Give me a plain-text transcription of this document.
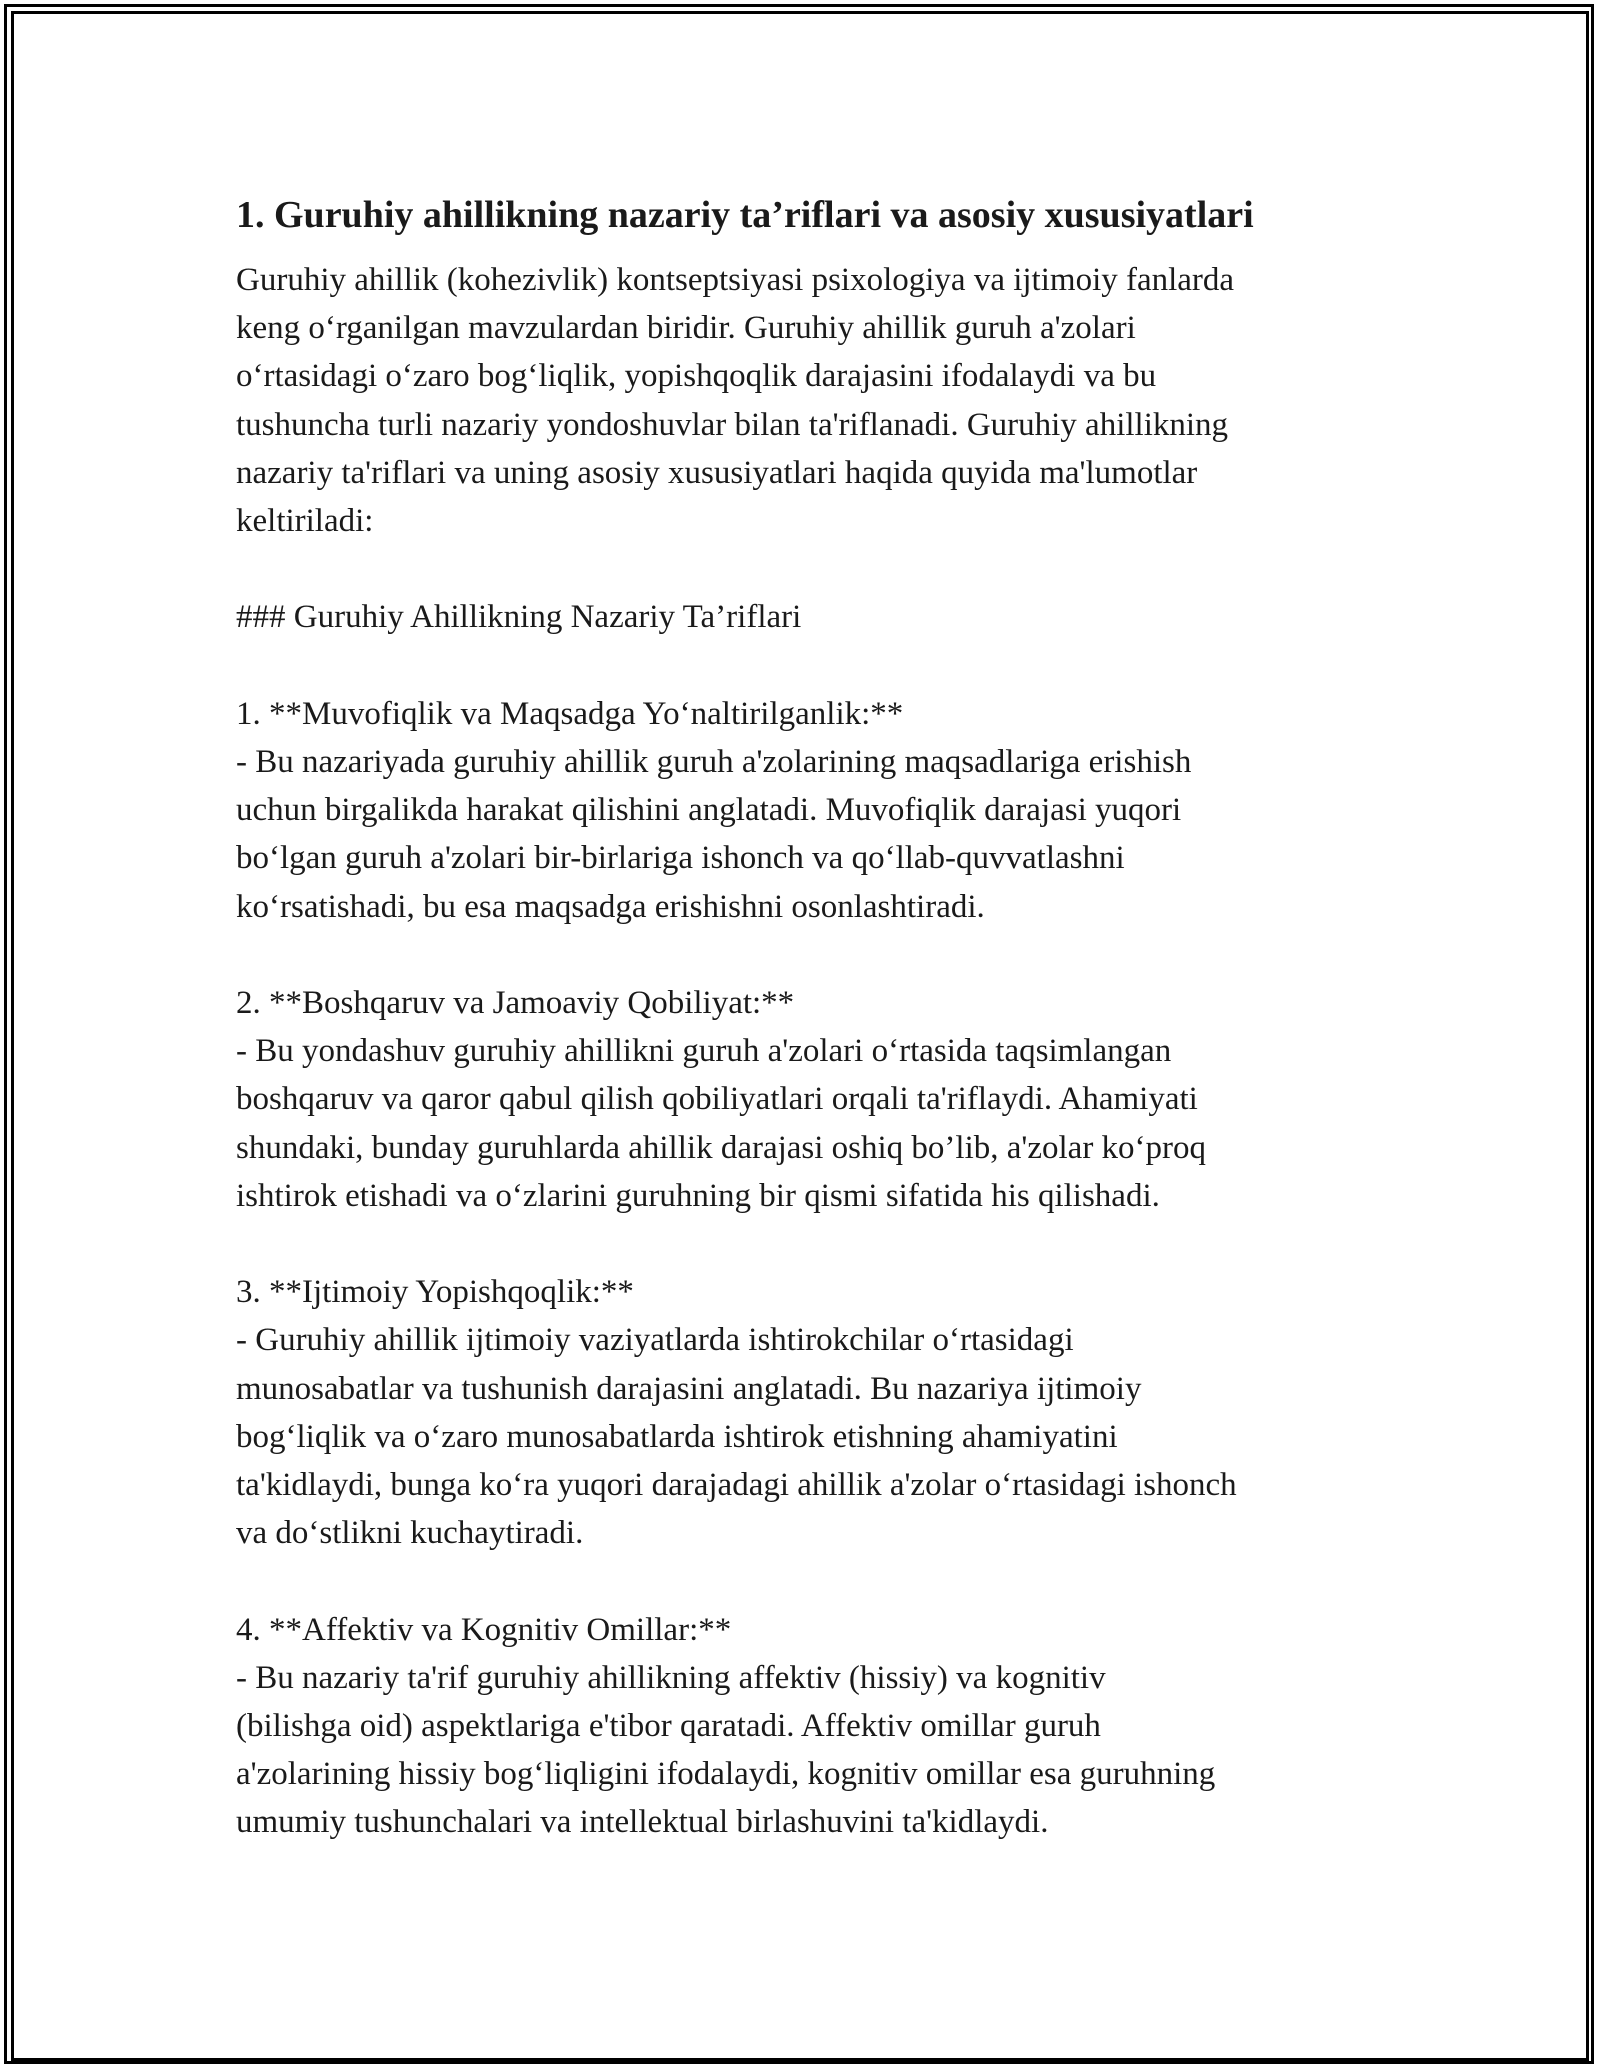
1. Guruhiy ahillikning nazariy ta’riflari va asosiy xususiyatlari

Guruhiy ahillik (kohezivlik) kontseptsiyasi psixologiya va ijtimoiy fanlarda
keng o‘rganilgan mavzulardan biridir. Guruhiy ahillik guruh a'zolari
o‘rtasidagi o‘zaro bog‘liqlik, yopishqoqlik darajasini ifodalaydi va bu
tushuncha turli nazariy yondoshuvlar bilan ta'riflanadi. Guruhiy ahillikning
nazariy ta'riflari va uning asosiy xususiyatlari haqida quyida ma'lumotlar
keltiriladi:

### Guruhiy Ahillikning Nazariy Ta’riflari

1. **Muvofiqlik va Maqsadga Yo‘naltirilganlik:**

- Bu nazariyada guruhiy ahillik guruh a'zolarining maqsadlariga erishish
uchun birgalikda harakat qilishini anglatadi. Muvofiqlik darajasi yuqori
bo‘lgan guruh a'zolari bir-birlariga ishonch va qo‘llab-quvvatlashni
ko‘rsatishadi, bu esa maqsadga erishishni osonlashtiradi.

2. **Boshqaruv va Jamoaviy Qobiliyat:**

- Bu yondashuv guruhiy ahillikni guruh a'zolari o‘rtasida taqsimlangan
boshqaruv va qaror qabul qilish qobiliyatlari orqali ta'riflaydi. Ahamiyati
shundaki, bunday guruhlarda ahillik darajasi oshiq bo’lib, a'zolar ko‘proq
ishtirok etishadi va o‘zlarini guruhning bir qismi sifatida his qilishadi.

3. **Ijtimoiy Yopishqoqlik:**

- Guruhiy ahillik ijtimoiy vaziyatlarda ishtirokchilar o‘rtasidagi
munosabatlar va tushunish darajasini anglatadi. Bu nazariya ijtimoiy
bog‘liqlik va o‘zaro munosabatlarda ishtirok etishning ahamiyatini
ta'kidlaydi, bunga ko‘ra yuqori darajadagi ahillik a'zolar o‘rtasidagi ishonch
va do‘stlikni kuchaytiradi.

4. **Affektiv va Kognitiv Omillar:**

- Bu nazariy ta'rif guruhiy ahillikning affektiv (hissiy) va kognitiv
(bilishga oid) aspektlariga e'tibor qaratadi. Affektiv omillar guruh
a'zolarining hissiy bog‘liqligini ifodalaydi, kognitiv omillar esa guruhning
umumiy tushunchalari va intellektual birlashuvini ta'kidlaydi.
